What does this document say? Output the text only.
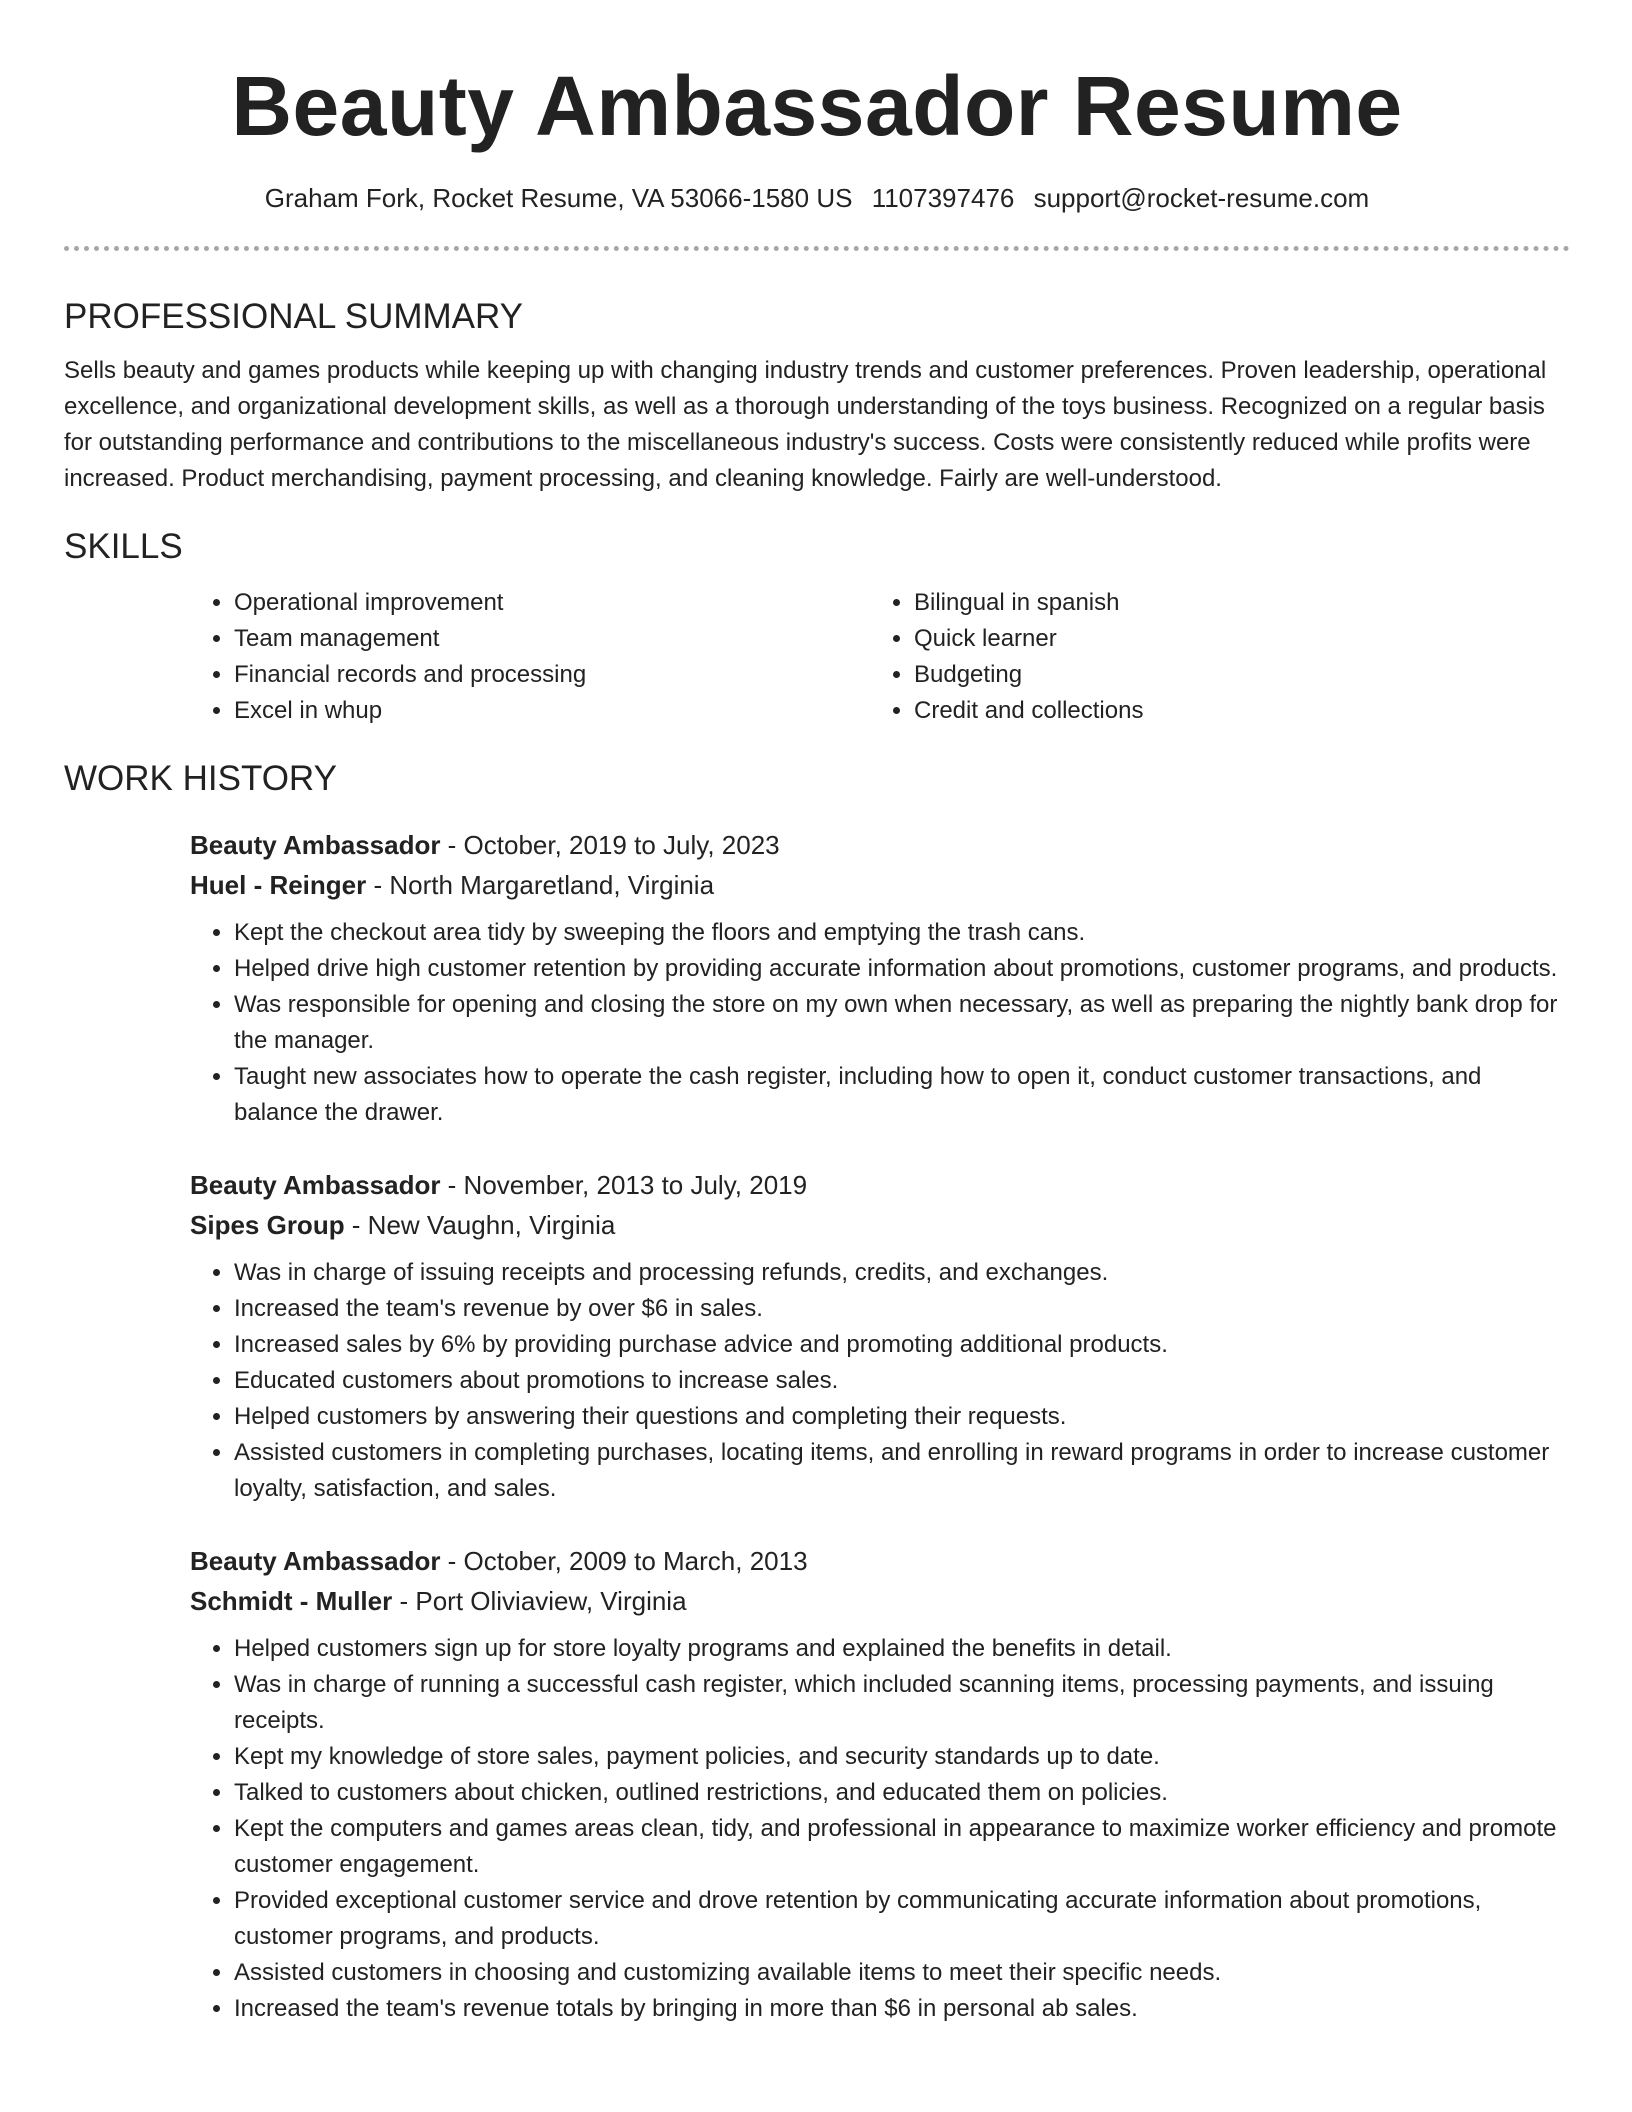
Beauty Ambassador Resume
Graham Fork, Rocket Resume, VA 53066-1580 US 1107397476 support@rocket-resume.com
PROFESSIONAL SUMMARY

Sells beauty and games products while keeping up with changing industry trends and customer preferences. Proven leadership, operational excellence, and organizational development skills, as well as a thorough understanding of the toys business. Recognized on a regular basis for outstanding performance and contributions to the miscellaneous industry's success. Costs were consistently reduced while profits were increased. Product merchandising, payment processing, and cleaning knowledge. Fairly are well-understood.

SKILLS
• Operational improvement
• Team management
• Financial records and processing
• Excel in whup
• Bilingual in spanish
• Quick learner
• Budgeting
• Credit and collections
WORK HISTORY

Beauty Ambassador - October, 2019 to July, 2023

Huel - Reinger - North Margaretland, Virginia

• Kept the checkout area tidy by sweeping the floors and emptying the trash cans.
• Helped drive high customer retention by providing accurate information about promotions, customer programs, and products.
• Was responsible for opening and closing the store on my own when necessary, as well as preparing the nightly bank drop for the manager.
• Taught new associates how to operate the cash register, including how to open it, conduct customer transactions, and balance the drawer.

Beauty Ambassador - November, 2013 to July, 2019

Sipes Group - New Vaughn, Virginia

• Was in charge of issuing receipts and processing refunds, credits, and exchanges.
• Increased the team's revenue by over $6 in sales.
• Increased sales by 6% by providing purchase advice and promoting additional products.
• Educated customers about promotions to increase sales.
• Helped customers by answering their questions and completing their requests.
• Assisted customers in completing purchases, locating items, and enrolling in reward programs in order to increase customer loyalty, satisfaction, and sales.

Beauty Ambassador - October, 2009 to March, 2013

Schmidt - Muller - Port Oliviaview, Virginia

• Helped customers sign up for store loyalty programs and explained the benefits in detail.
• Was in charge of running a successful cash register, which included scanning items, processing payments, and issuing receipts.
• Kept my knowledge of store sales, payment policies, and security standards up to date.
• Talked to customers about chicken, outlined restrictions, and educated them on policies.
• Kept the computers and games areas clean, tidy, and professional in appearance to maximize worker efficiency and promote customer engagement.
• Provided exceptional customer service and drove retention by communicating accurate information about promotions, customer programs, and products.
• Assisted customers in choosing and customizing available items to meet their specific needs.
• Increased the team's revenue totals by bringing in more than $6 in personal ab sales.
